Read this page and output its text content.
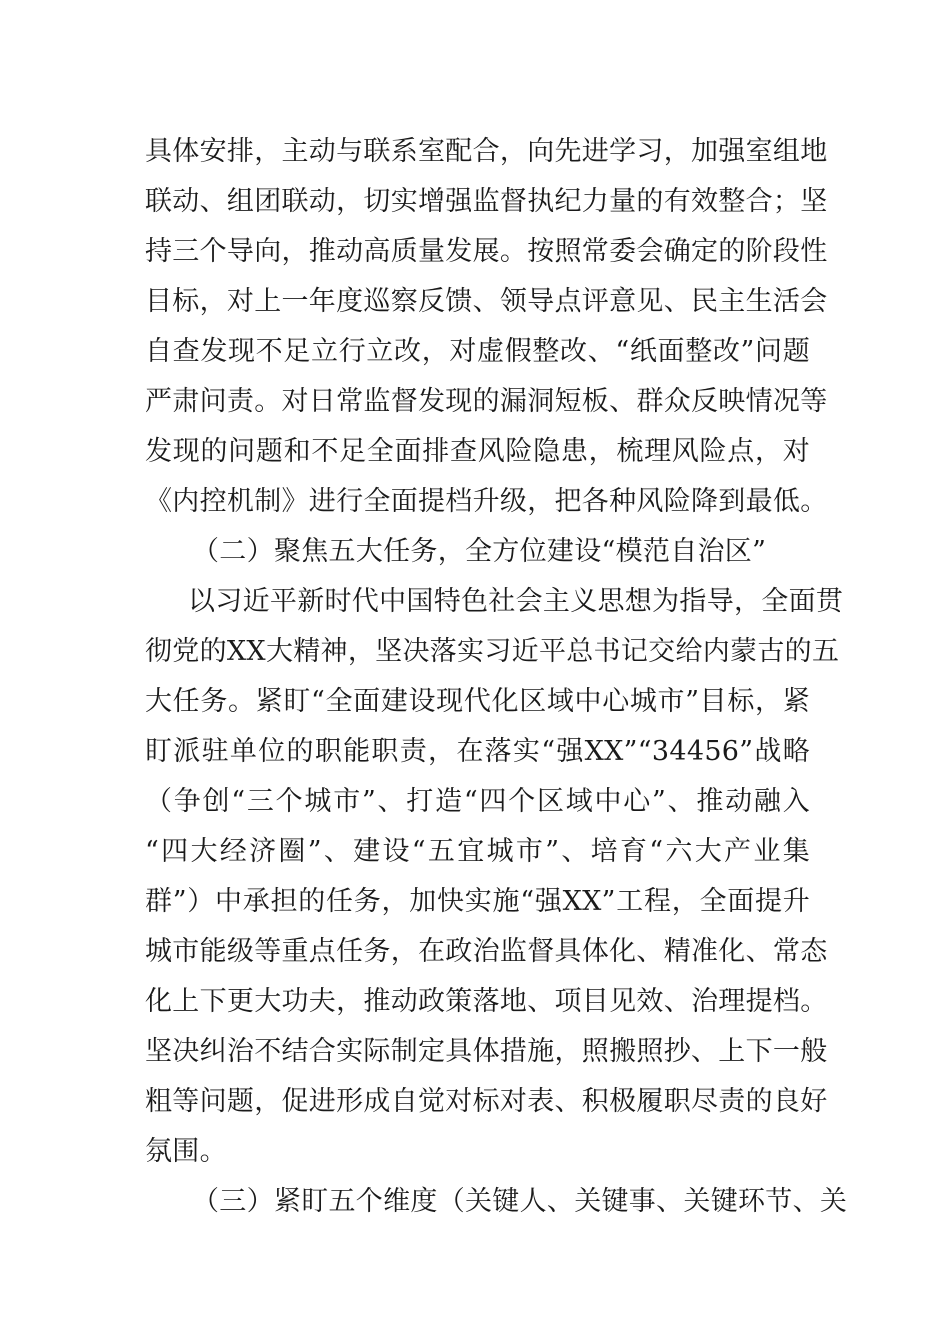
具体安排，主动与联系室配合，向先进学习，加强室组地
联动、组团联动，切实增强监督执纪力量的有效整合；坚
持三个导向，推动高质量发展。按照常委会确定的阶段性
目标，对上一年度巡察反馈、领导点评意见、民主生活会
自查发现不足立行立改，对虚假整改、“纸面整改”问题
严肃问责。对日常监督发现的漏洞短板、群众反映情况等
发现的问题和不足全面排查风险隐患，梳理风险点，对
《内控机制》进行全面提档升级，把各种风险降到最低。
（二）聚焦五大任务，全方位建设“模范自治区”
以习近平新时代中国特色社会主义思想为指导，全面贯
彻党的XX大精神，坚决落实习近平总书记交给内蒙古的五
大任务。紧盯“全面建设现代化区域中心城市”目标，紧
盯派驻单位的职能职责，在落实“强XX”“34456”战略
（争创“三个城市”、打造“四个区域中心”、推动融入
“四大经济圈”、建设“五宜城市”、培育“六大产业集
群”）中承担的任务，加快实施“强XX”工程，全面提升
城市能级等重点任务，在政治监督具体化、精准化、常态
化上下更大功夫，推动政策落地、项目见效、治理提档。
坚决纠治不结合实际制定具体措施，照搬照抄、上下一般
粗等问题，促进形成自觉对标对表、积极履职尽责的良好
氛围。
（三）紧盯五个维度（关键人、关键事、关键环节、关
